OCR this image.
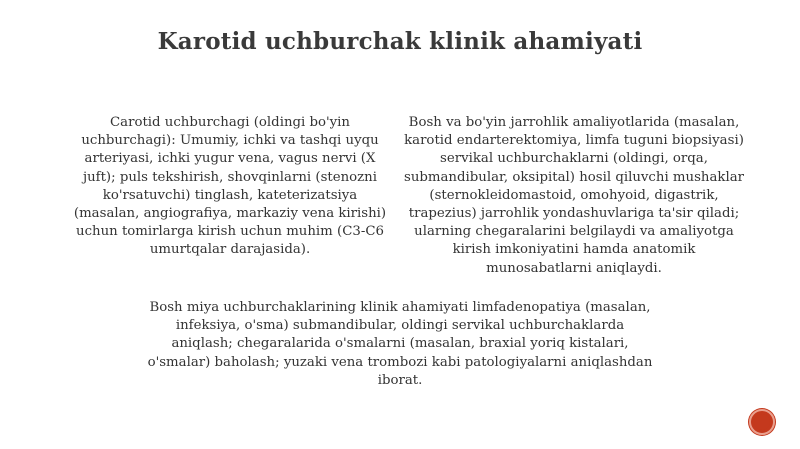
Karotid uchburchak klinik ahamiyati
Carotid uchburchagi (oldingi bo'yin uchburchagi): Umumiy, ichki va tashqi uyqu arteriyasi, ichki yugur vena, vagus nervi (X juft); puls tekshirish, shovqinlarni (stenozni ko'rsatuvchi) tinglash, kateterizatsiya (masalan, angiografiya, markaziy vena kirishi) uchun tomirlarga kirish uchun muhim (C3-C6 umurtqalar darajasida).
Bosh va bo'yin jarrohlik amaliyotlarida (masalan, karotid endarterektomiya, limfa tuguni biopsiyasi) servikal uchburchaklarni (oldingi, orqa, submandibular, oksipital) hosil qiluvchi mushaklar (sternokleidomastoid, omohyoid, digastrik, trapezius) jarrohlik yondashuvlariga ta'sir qiladi; ularning chegaralarini belgilaydi va amaliyotga kirish imkoniyatini hamda anatomik munosabatlarni aniqlaydi.
Bosh miya uchburchaklarining klinik ahamiyati limfadenopatiya (masalan, infeksiya, o'sma) submandibular, oldingi servikal uchburchaklarda aniqlash; chegaralarida o'smalarni (masalan, braxial yoriq kistalari, o'smalar) baholash; yuzaki vena trombozi kabi patologiyalarni aniqlashdan iborat.
